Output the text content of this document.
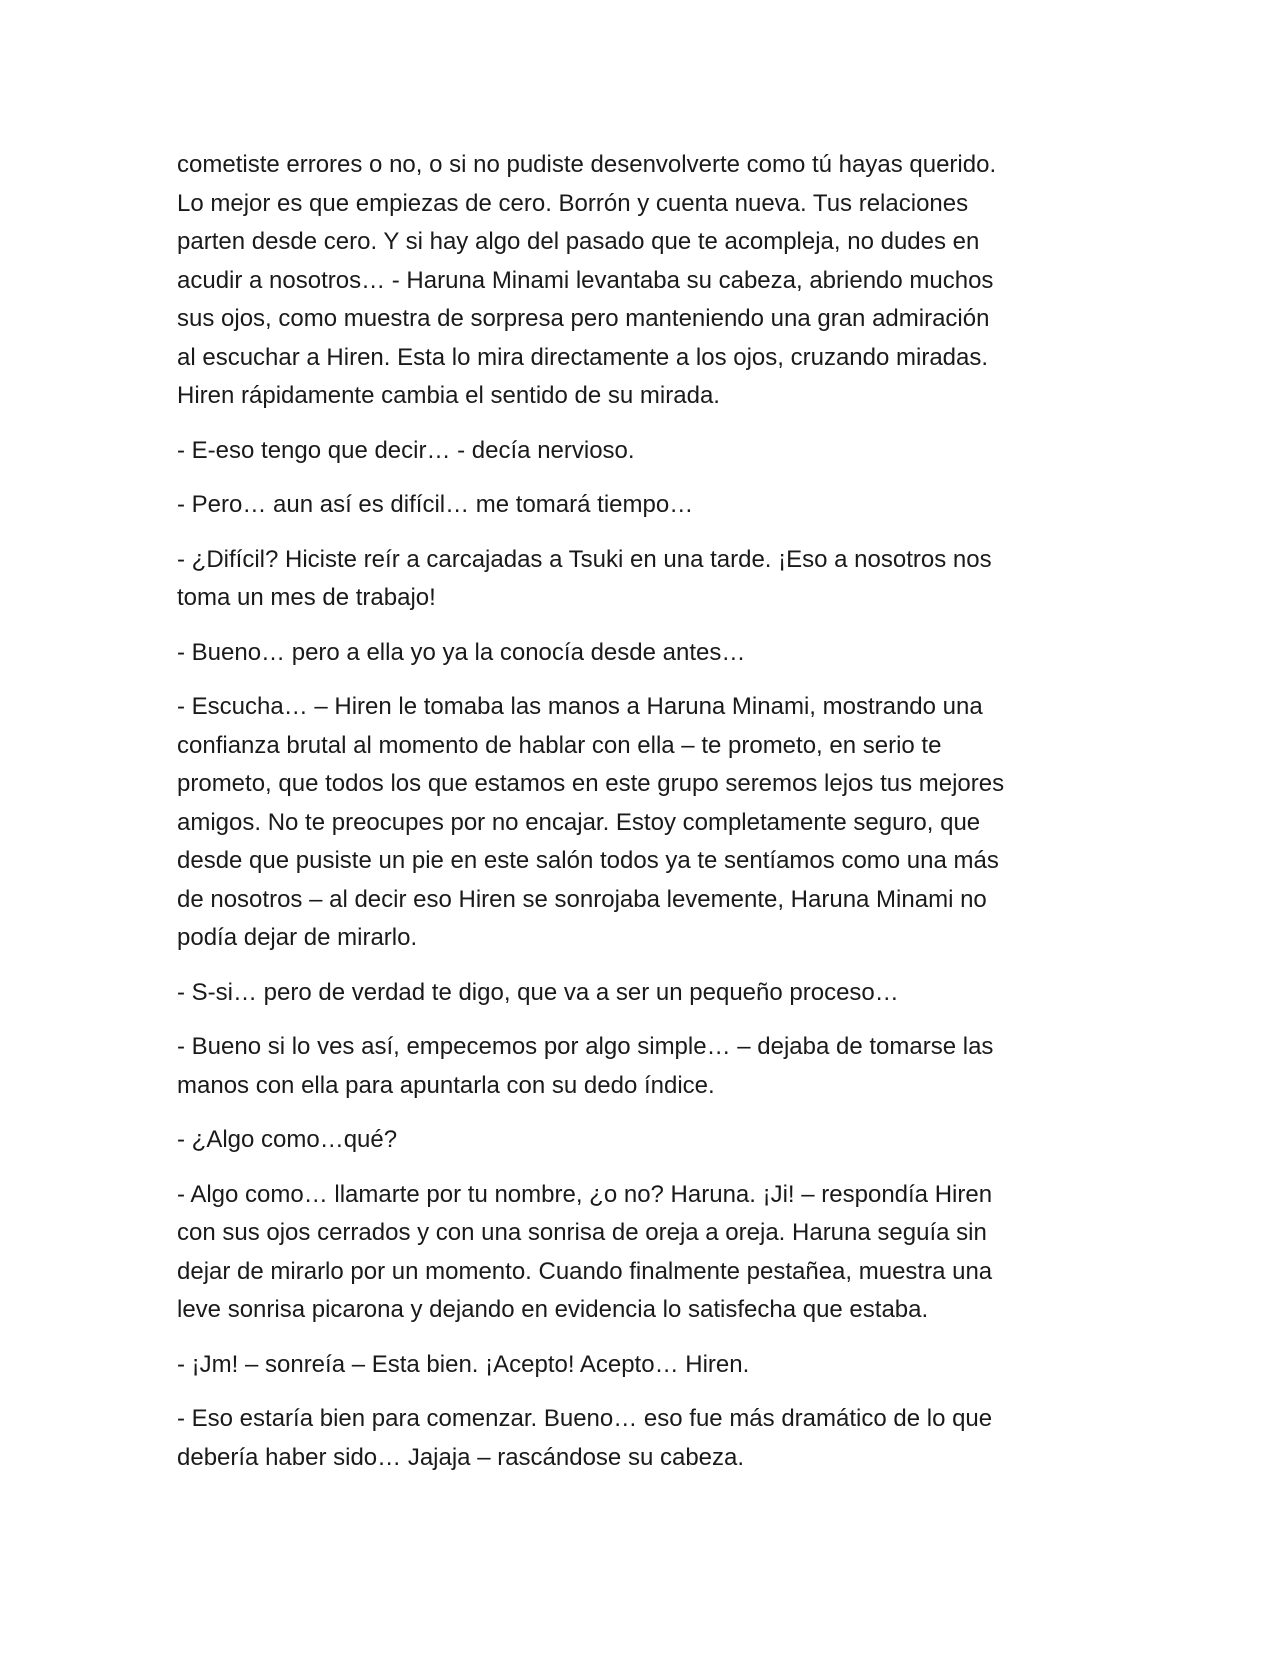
cometiste errores o no, o si no pudiste desenvolverte como tú hayas querido.
Lo mejor es que empiezas de cero. Borrón y cuenta nueva. Tus relaciones
parten desde cero. Y si hay algo del pasado que te acompleja, no dudes en
acudir a nosotros… - Haruna Minami levantaba su cabeza, abriendo muchos
sus ojos, como muestra de sorpresa pero manteniendo una gran admiración
al escuchar a Hiren. Esta lo mira directamente a los ojos, cruzando miradas.
Hiren rápidamente cambia el sentido de su mirada.

- E-eso tengo que decir… - decía nervioso.

- Pero… aun así es difícil… me tomará tiempo…

- ¿Difícil? Hiciste reír a carcajadas a Tsuki en una tarde. ¡Eso a nosotros nos
toma un mes de trabajo!

- Bueno… pero a ella yo ya la conocía desde antes…

- Escucha… – Hiren le tomaba las manos a Haruna Minami, mostrando una
confianza brutal al momento de hablar con ella – te prometo, en serio te
prometo, que todos los que estamos en este grupo seremos lejos tus mejores
amigos. No te preocupes por no encajar. Estoy completamente seguro, que
desde que pusiste un pie en este salón todos ya te sentíamos como una más
de nosotros – al decir eso Hiren se sonrojaba levemente, Haruna Minami no
podía dejar de mirarlo.

- S-si… pero de verdad te digo, que va a ser un pequeño proceso…

- Bueno si lo ves así, empecemos por algo simple… – dejaba de tomarse las
manos con ella para apuntarla con su dedo índice.

- ¿Algo como…qué?

- Algo como… llamarte por tu nombre, ¿o no? Haruna. ¡Ji! – respondía Hiren
con sus ojos cerrados y con una sonrisa de oreja a oreja. Haruna seguía sin
dejar de mirarlo por un momento. Cuando finalmente pestañea, muestra una
leve sonrisa picarona y dejando en evidencia lo satisfecha que estaba.

- ¡Jm! – sonreía – Esta bien. ¡Acepto! Acepto… Hiren.

- Eso estaría bien para comenzar. Bueno… eso fue más dramático de lo que
debería haber sido… Jajaja – rascándose su cabeza.
